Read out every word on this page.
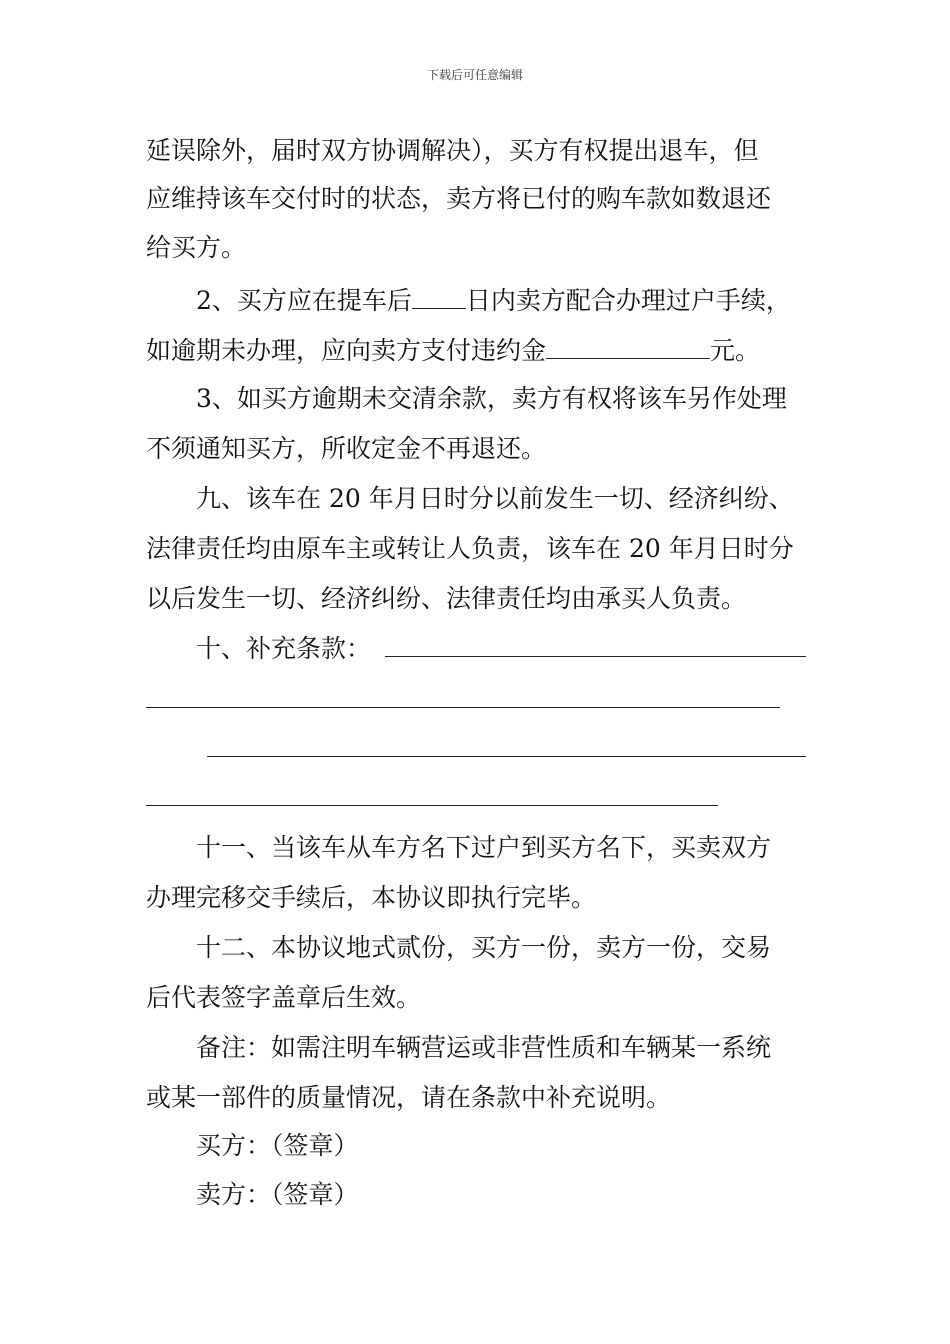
下载后可任意编辑
延误除外，届时双方协调解决），买方有权提出退车，但
应维持该车交付时的状态，卖方将已付的购车款如数退还
给买方。
2、买方应在提车后 日内卖方配合办理过户手续，
如逾期未办理，应向卖方支付违约金	元。
3、如买方逾期未交清余款，卖方有权将该车另作处理
不须通知买方，所收定金不再退还。
九、该车在 20 年月日时分以前发生一切、经济纠纷、
法律责任均由原车主或转让人负责，该车在 20 年月日时分
以后发生一切、经济纠纷、法律责任均由承买人负责。
十、补充条款：
十一、当该车从车方名下过户到买方名下，买卖双方
办理完移交手续后，本协议即执行完毕。
十二、本协议地式贰份，买方一份，卖方一份，交易
后代表签字盖章后生效。
备注：如需注明车辆营运或非营性质和车辆某一系统
或某一部件的质量情况，请在条款中补充说明。
买方：（签章）
卖方：（签章）
